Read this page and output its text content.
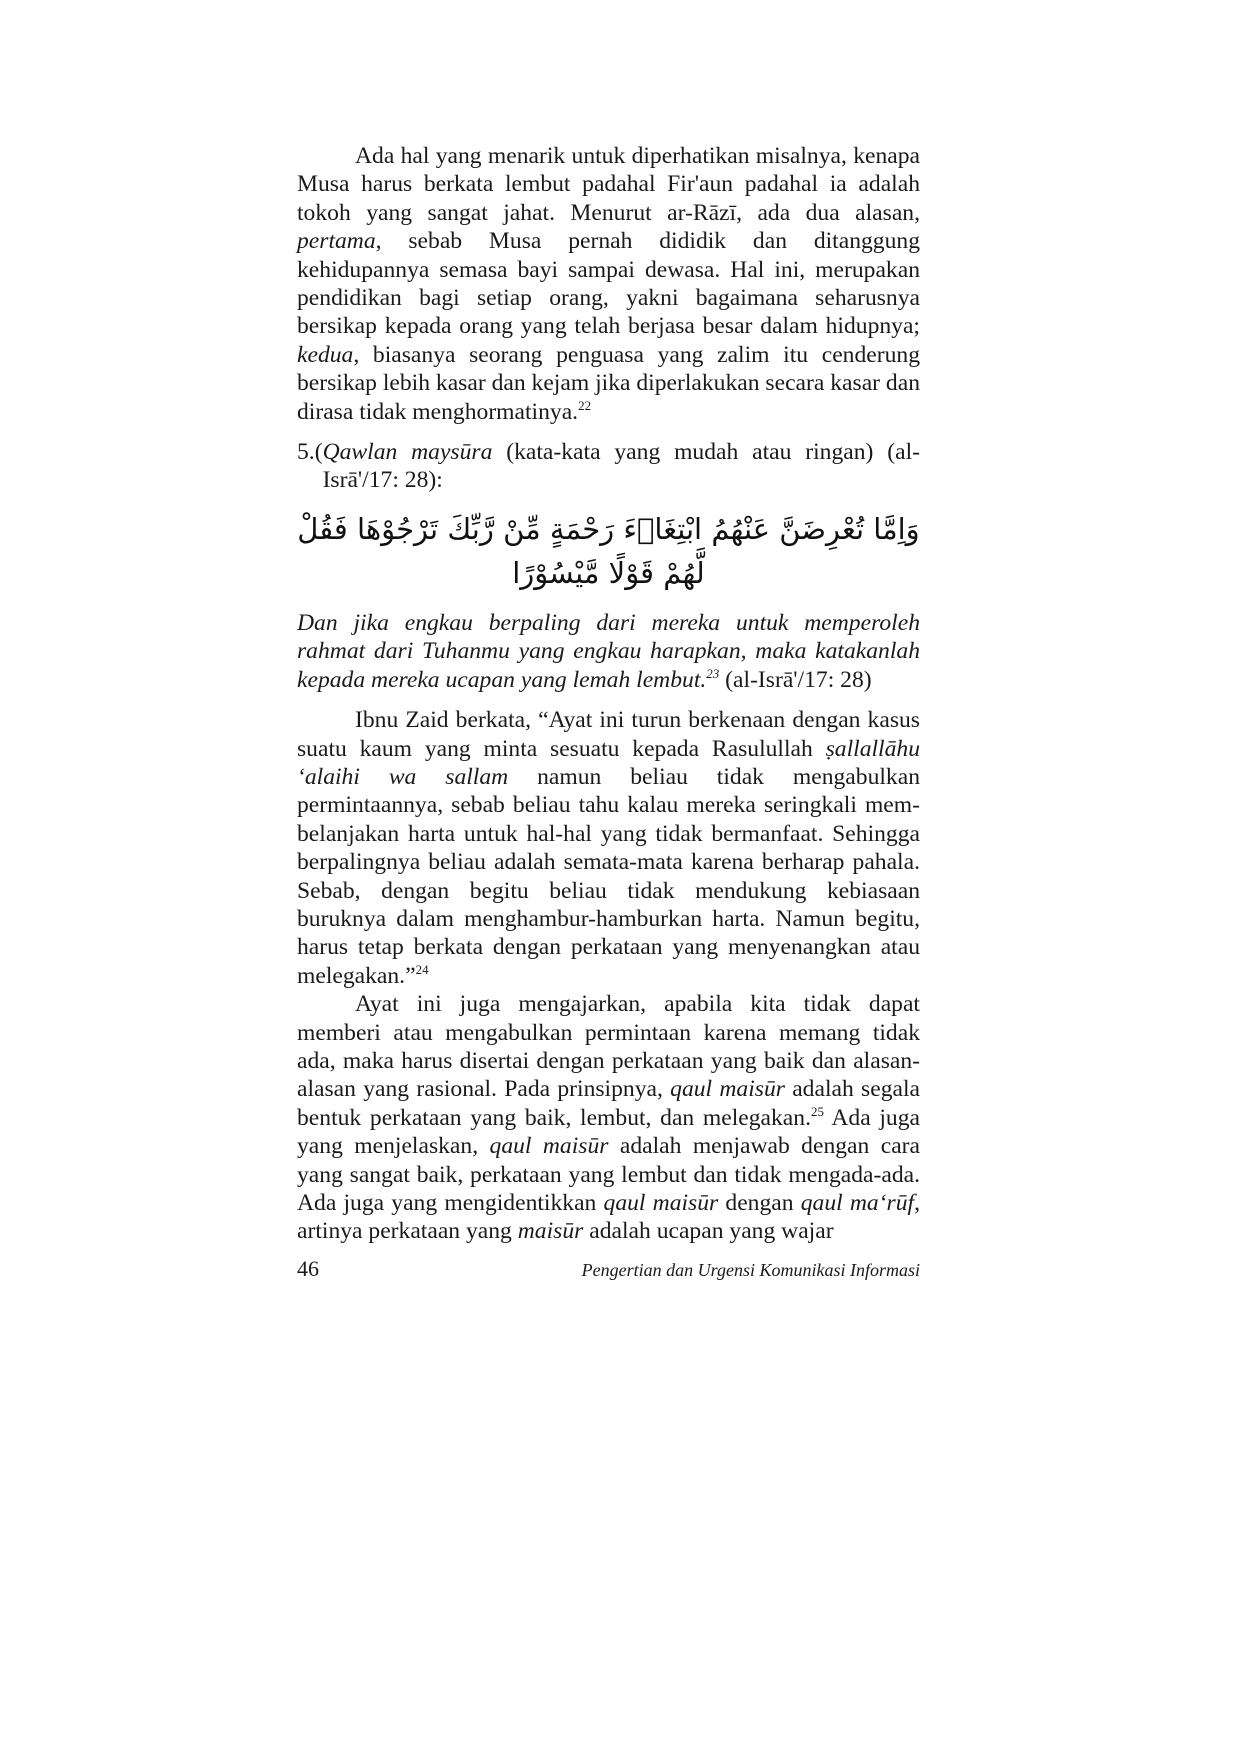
Ada hal yang menarik untuk diperhatikan misalnya, kenapa Musa harus berkata lembut padahal Fir'aun padahal ia adalah tokoh yang sangat jahat. Menurut ar-Rāzī, ada dua alasan, pertama, sebab Musa pernah dididik dan ditanggung kehidupannya semasa bayi sampai dewasa. Hal ini, merupakan pendidikan bagi setiap orang, yakni bagaimana seharusnya bersikap kepada orang yang telah berjasa besar dalam hidupnya; kedua, biasanya seorang penguasa yang zalim itu cenderung bersikap lebih kasar dan kejam jika diperlakukan secara kasar dan dirasa tidak menghormatinya.$^{22}$

5.( Qawlan maysūra (kata-kata yang mudah atau ringan) (al-Isrā'/17: 28):
وَاِمَّا تُعْرِضَنَّ عَنْهُمُ ابْتِغَاۤءَ رَحْمَةٍ مِّنْ رَّبِّكَ تَرْجُوْهَا فَقُلْ لَّهُمْ قَوْلًا مَّيْسُوْرًا

Dan jika engkau berpaling dari mereka untuk memperoleh rahmat dari Tuhanmu yang engkau harapkan, maka katakanlah kepada mereka ucapan yang lemah lembut.$^{23}$ (al-Isrā'/17: 28)

Ibnu Zaid berkata, “Ayat ini turun berkenaan dengan kasus suatu kaum yang minta sesuatu kepada Rasulullah ṣallallāhu ‘alaihi wa sallam namun beliau tidak mengabulkan permintaannya, sebab beliau tahu kalau mereka seringkali mem-belanjakan harta untuk hal-hal yang tidak bermanfaat. Sehingga berpalingnya beliau adalah semata-mata karena berharap pahala. Sebab, dengan begitu beliau tidak mendukung kebiasaan buruknya dalam menghambur-hamburkan harta. Namun begitu, harus tetap berkata dengan perkataan yang menyenangkan atau melegakan.”$^{24}$

Ayat ini juga mengajarkan, apabila kita tidak dapat memberi atau mengabulkan permintaan karena memang tidak ada, maka harus disertai dengan perkataan yang baik dan alasan-alasan yang rasional. Pada prinsipnya, qaul maisūr adalah segala bentuk perkataan yang baik, lembut, dan melegakan.$^{25}$ Ada juga yang menjelaskan, qaul maisūr adalah menjawab dengan cara yang sangat baik, perkataan yang lembut dan tidak mengada-ada. Ada juga yang mengidentikkan qaul maisūr dengan qaul ma‘rūf, artinya perkataan yang maisūr adalah ucapan yang wajar

46	Pengertian dan Urgensi Komunikasi Informasi
